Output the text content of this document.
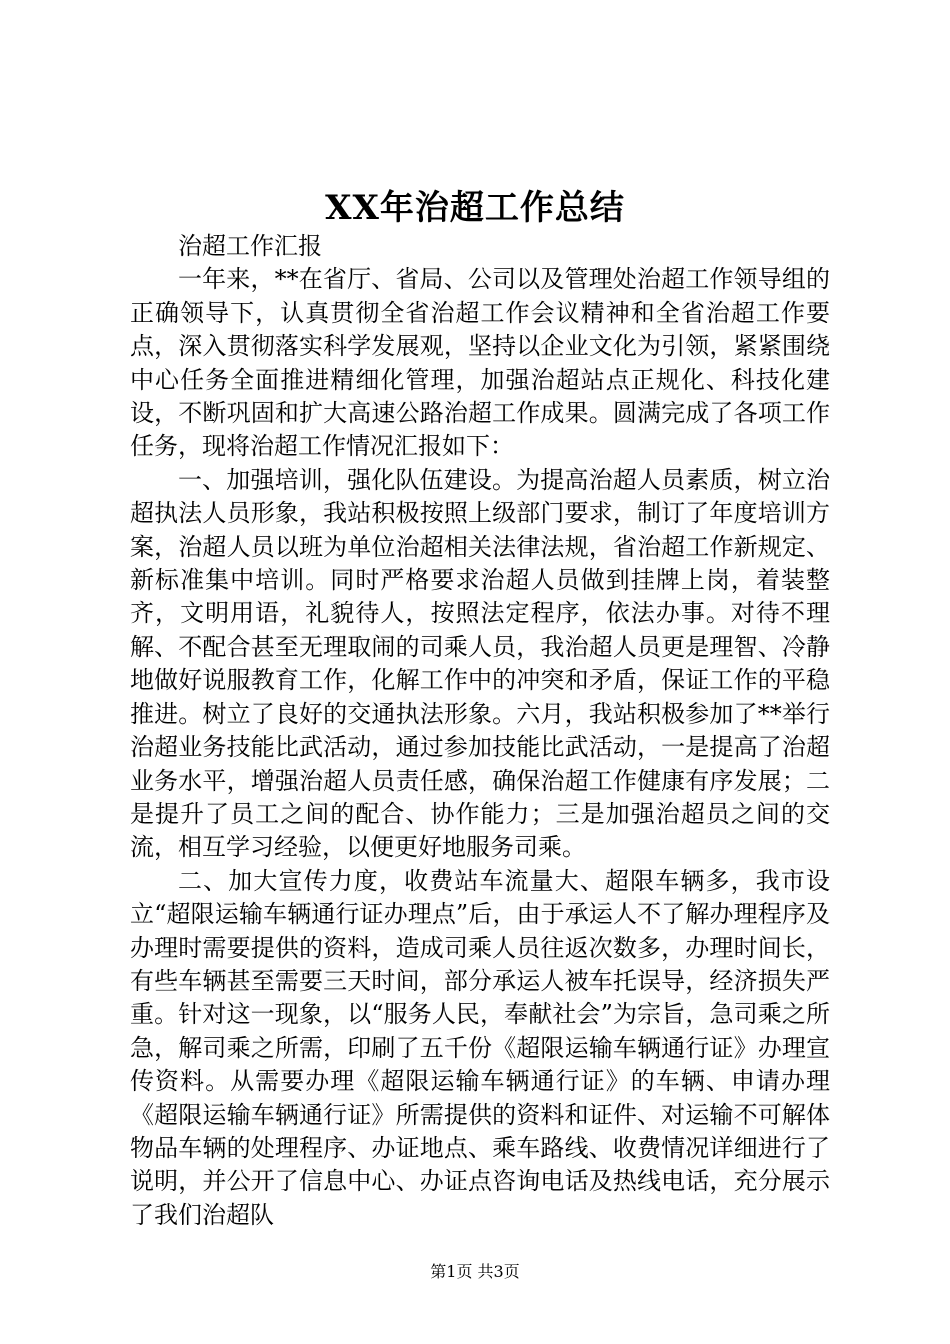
XX年治超工作总结

治超工作汇报

一年来，**在省厅、省局、公司以及管理处治超工作领导组的正确领导下，认真贯彻全省治超工作会议精神和全省治超工作要点，深入贯彻落实科学发展观，坚持以企业文化为引领，紧紧围绕中心任务全面推进精细化管理，加强治超站点正规化、科技化建设，不断巩固和扩大高速公路治超工作成果。圆满完成了各项工作任务，现将治超工作情况汇报如下：

一、加强培训，强化队伍建设。为提高治超人员素质，树立治超执法人员形象，我站积极按照上级部门要求，制订了年度培训方案，治超人员以班为单位治超相关法律法规，省治超工作新规定、新标准集中培训。同时严格要求治超人员做到挂牌上岗，着装整齐，文明用语，礼貌待人，按照法定程序，依法办事。对待不理解、不配合甚至无理取闹的司乘人员，我治超人员更是理智、冷静地做好说服教育工作，化解工作中的冲突和矛盾，保证工作的平稳推进。树立了良好的交通执法形象。六月，我站积极参加了**举行治超业务技能比武活动，通过参加技能比武活动，一是提高了治超业务水平，增强治超人员责任感，确保治超工作健康有序发展；二是提升了员工之间的配合、协作能力；三是加强治超员之间的交流，相互学习经验，以便更好地服务司乘。

二、加大宣传力度，收费站车流量大、超限车辆多，我市设立“超限运输车辆通行证办理点”后，由于承运人不了解办理程序及办理时需要提供的资料，造成司乘人员往返次数多，办理时间长，有些车辆甚至需要三天时间，部分承运人被车托误导，经济损失严重。针对这一现象，以“服务人民，奉献社会”为宗旨，急司乘之所急，解司乘之所需，印刷了五千份《超限运输车辆通行证》办理宣传资料。从需要办理《超限运输车辆通行证》的车辆、申请办理《超限运输车辆通行证》所需提供的资料和证件、对运输不可解体物品车辆的处理程序、办证地点、乘车路线、收费情况详细进行了说明，并公开了信息中心、办证点咨询电话及热线电话，充分展示了我们治超队

第1页 共3页
